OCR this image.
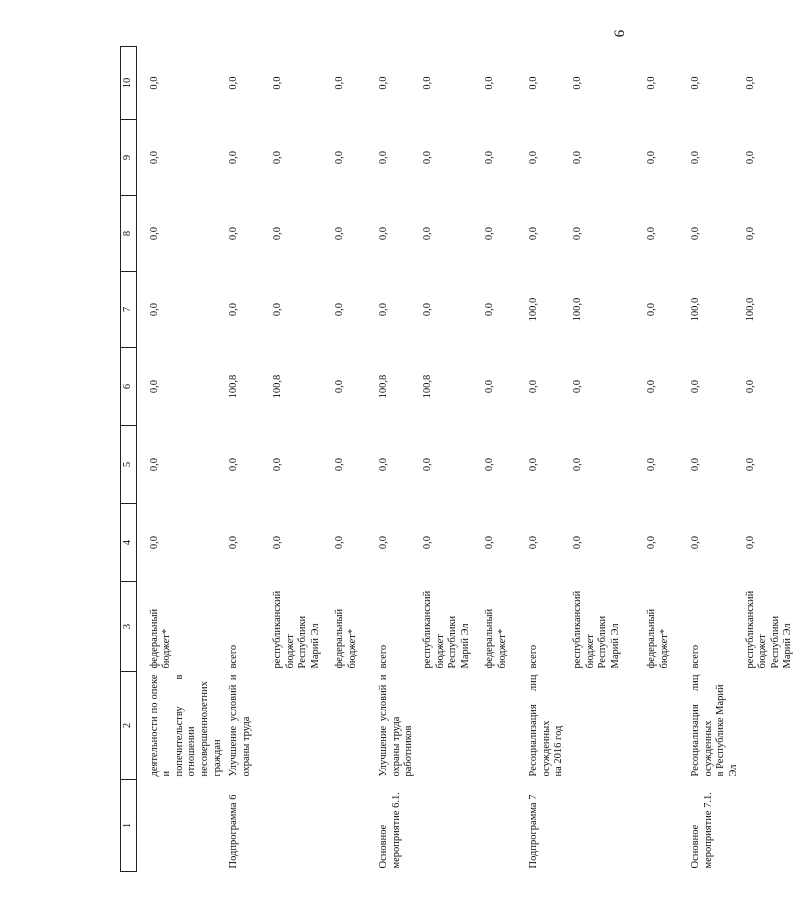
9
1	2	3	4	5	6	7	8	9	10

	деятельности по опеке и попечительству в отношении несовершеннолетних граждан	федеральный бюджет*	0,0	0,0	0,0	0,0	0,0	0,0	0,0
Подпрограмма 6	Улучшение условий и охраны труда	всего	0,0	0,0	100,8	0,0	0,0	0,0	0,0
		республиканский бюджет Республики Марий Эл	0,0	0,0	100,8	0,0	0,0	0,0	0,0
		федеральный бюджет*	0,0	0,0	0,0	0,0	0,0	0,0	0,0
Основное мероприятие 6.1.	Улучшение условий и охраны труда работников	всего	0,0	0,0	100,8	0,0	0,0	0,0	0,0
		республиканский бюджет Республики Марий Эл	0,0	0,0	100,8	0,0	0,0	0,0	0,0
		федеральный бюджет*	0,0	0,0	0,0	0,0	0,0	0,0	0,0
Подпрограмма 7	Ресоциализация лиц осужденных на 2016 год	всего	0,0	0,0	0,0	100,0	0,0	0,0	0,0
		республиканский бюджет Республики Марий Эл	0,0	0,0	0,0	100,0	0,0	0,0	0,0
		федеральный бюджет*	0,0	0,0	0,0	0,0	0,0	0,0	0,0
Основное мероприятие 7.1.	Ресоциализация лиц осужденных в Республике Марий Эл	всего	0,0	0,0	0,0	100,0	0,0	0,0	0,0
		республиканский бюджет Республики Марий Эл	0,0	0,0	0,0	100,0	0,0	0,0	0,0
